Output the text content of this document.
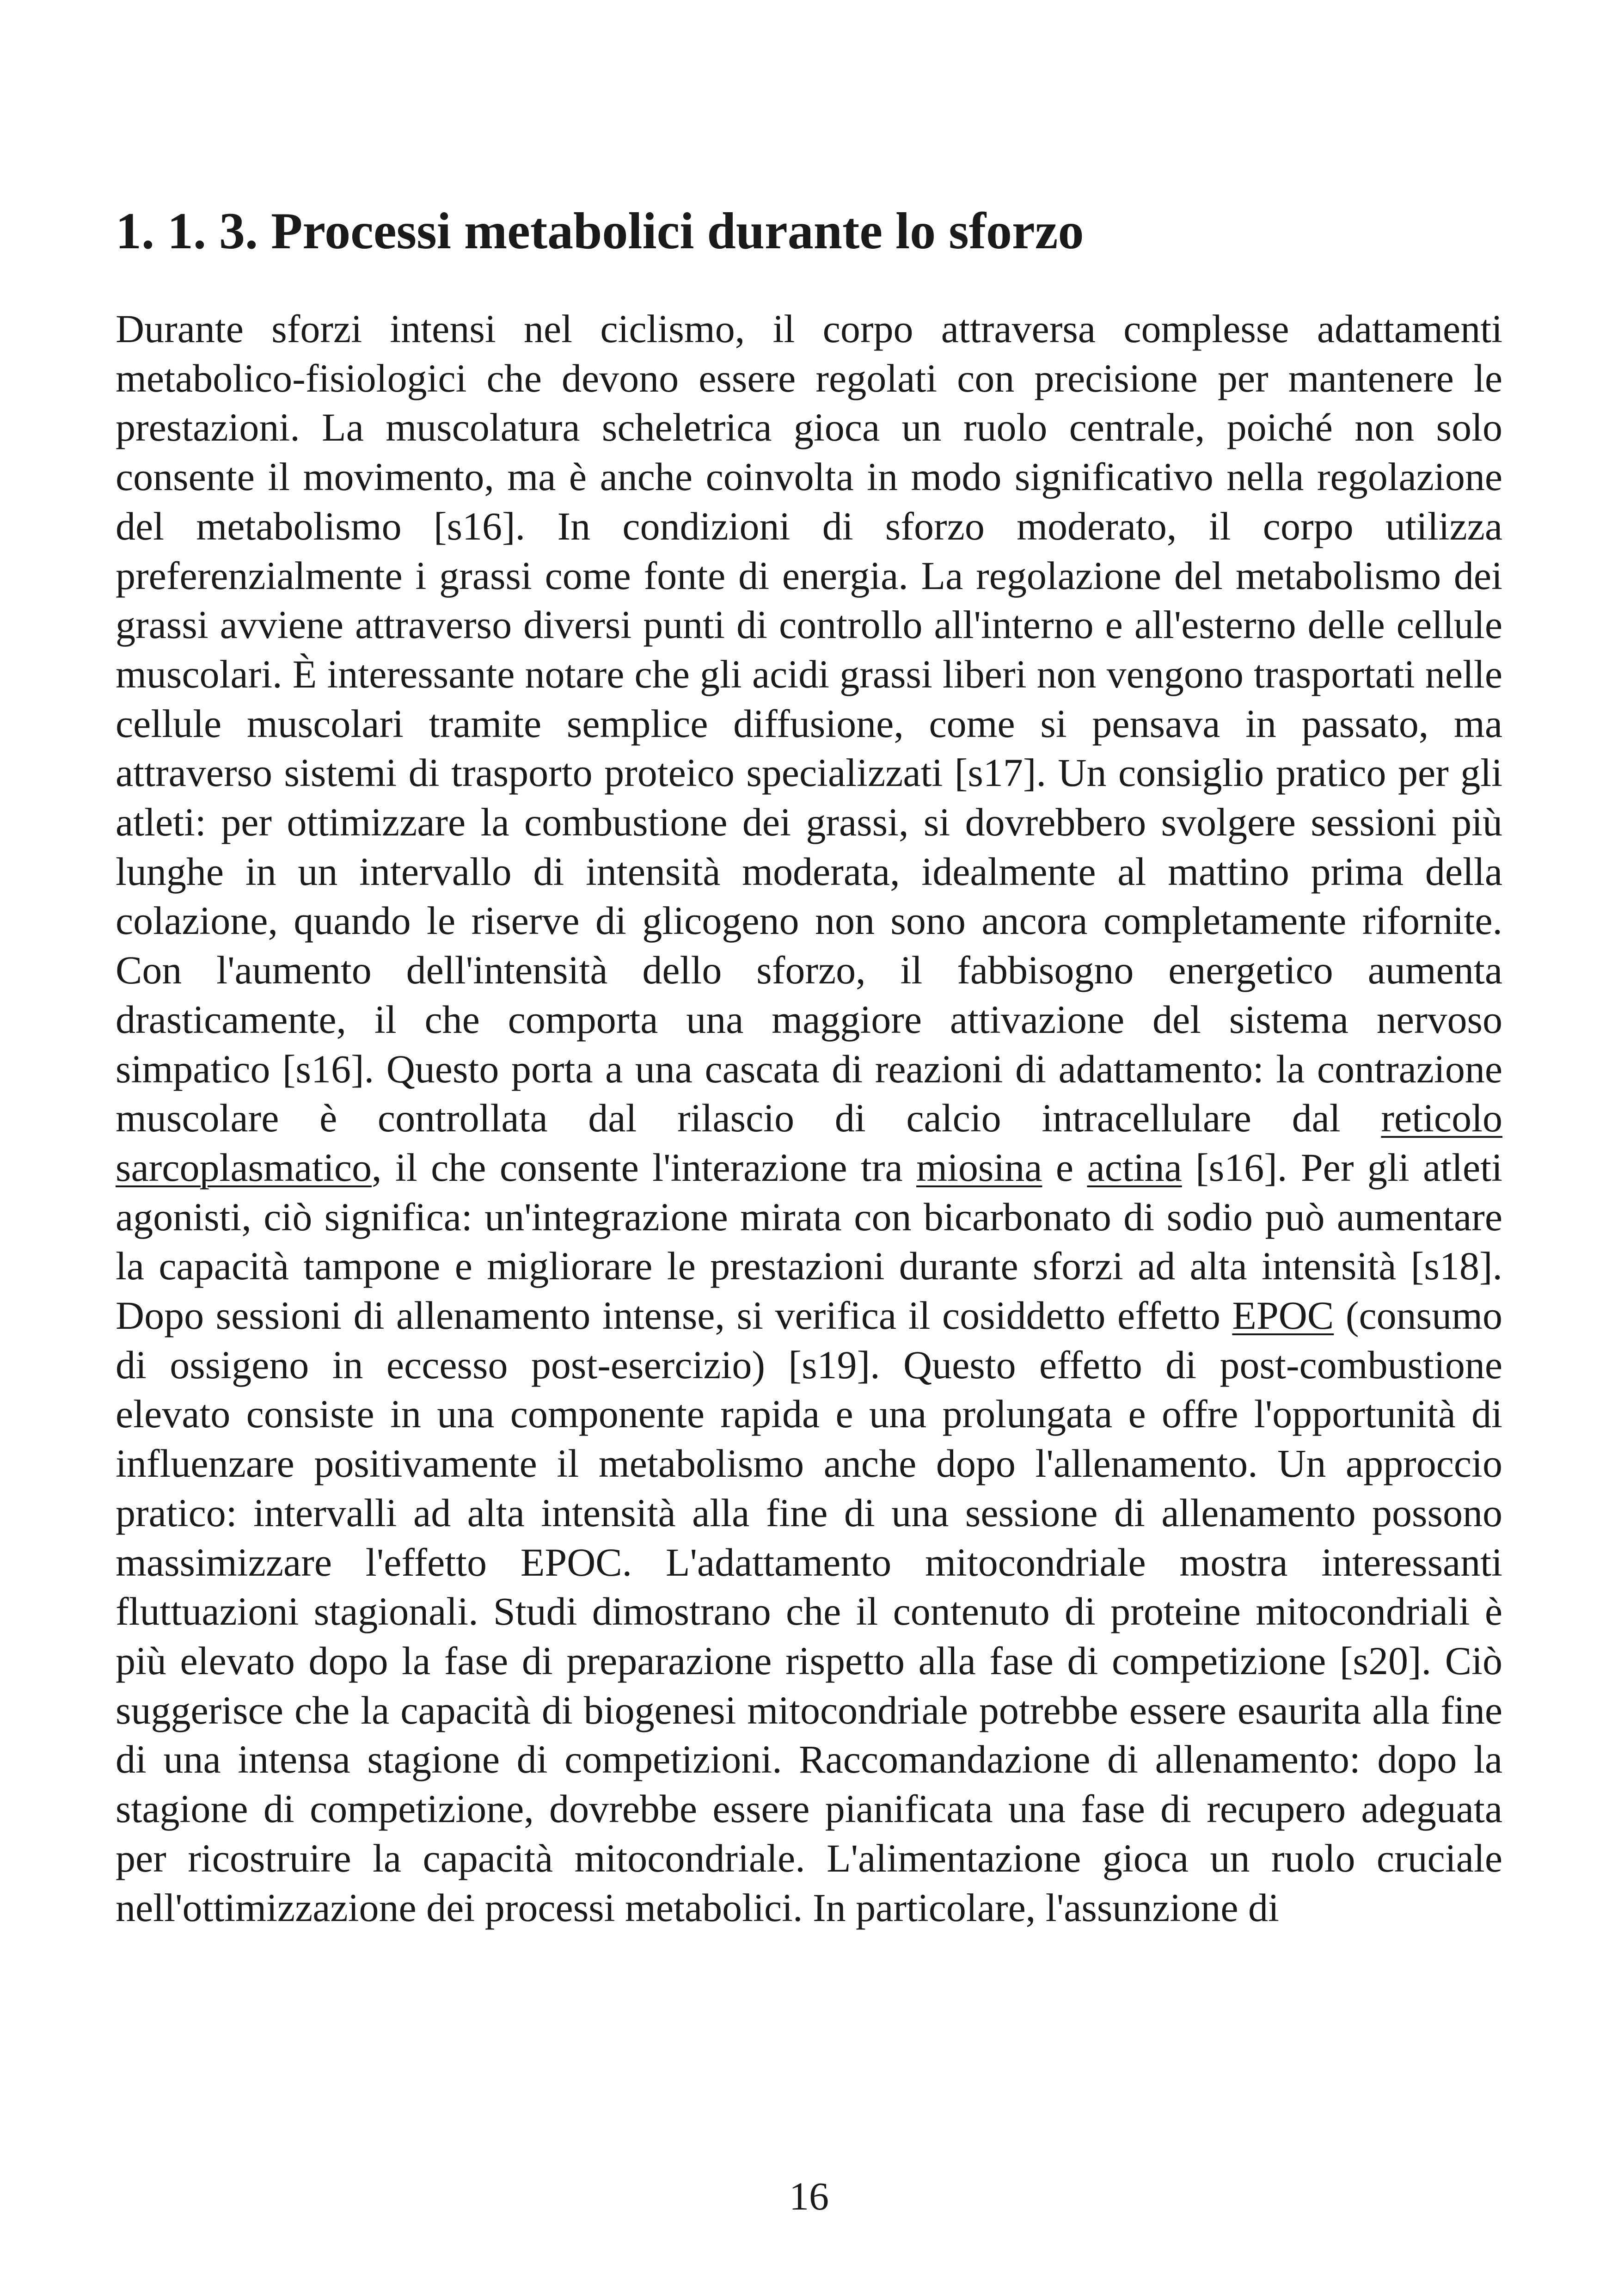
1. 1. 3. Processi metabolici durante lo sforzo

Durante sforzi intensi nel ciclismo, il corpo attraversa complesse adattamenti metabolico-fisiologici che devono essere regolati con precisione per mantenere le prestazioni. La muscolatura scheletrica gioca un ruolo centrale, poiché non solo consente il movimento, ma è anche coinvolta in modo significativo nella regolazione del metabolismo [s16]. In condizioni di sforzo moderato, il corpo utilizza preferenzialmente i grassi come fonte di energia. La regolazione del metabolismo dei grassi avviene attraverso diversi punti di controllo all'interno e all'esterno delle cellule muscolari. È interessante notare che gli acidi grassi liberi non vengono trasportati nelle cellule muscolari tramite semplice diffusione, come si pensava in passato, ma attraverso sistemi di trasporto proteico specializzati [s17]. Un consiglio pratico per gli atleti: per ottimizzare la combustione dei grassi, si dovrebbero svolgere sessioni più lunghe in un intervallo di intensità moderata, idealmente al mattino prima della colazione, quando le riserve di glicogeno non sono ancora completamente rifornite. Con l'aumento dell'intensità dello sforzo, il fabbisogno energetico aumenta drasticamente, il che comporta una maggiore attivazione del sistema nervoso simpatico [s16]. Questo porta a una cascata di reazioni di adattamento: la contrazione muscolare è controllata dal rilascio di calcio intracellulare dal reticolo sarcoplasmatico, il che consente l'interazione tra miosina e actina [s16]. Per gli atleti agonisti, ciò significa: un'integrazione mirata con bicarbonato di sodio può aumentare la capacità tampone e migliorare le prestazioni durante sforzi ad alta intensità [s18]. Dopo sessioni di allenamento intense, si verifica il cosiddetto effetto EPOC (consumo di ossigeno in eccesso post-esercizio) [s19]. Questo effetto di post-combustione elevato consiste in una componente rapida e una prolungata e offre l'opportunità di influenzare positivamente il metabolismo anche dopo l'allenamento. Un approccio pratico: intervalli ad alta intensità alla fine di una sessione di allenamento possono massimizzare l'effetto EPOC. L'adattamento mitocondriale mostra interessanti fluttuazioni stagionali. Studi dimostrano che il contenuto di proteine mitocondriali è più elevato dopo la fase di preparazione rispetto alla fase di competizione [s20]. Ciò suggerisce che la capacità di biogenesi mitocondriale potrebbe essere esaurita alla fine di una intensa stagione di competizioni. Raccomandazione di allenamento: dopo la stagione di competizione, dovrebbe essere pianificata una fase di recupero adeguata per ricostruire la capacità mitocondriale. L'alimentazione gioca un ruolo cruciale nell'ottimizzazione dei processi metabolici. In particolare, l'assunzione di

16
